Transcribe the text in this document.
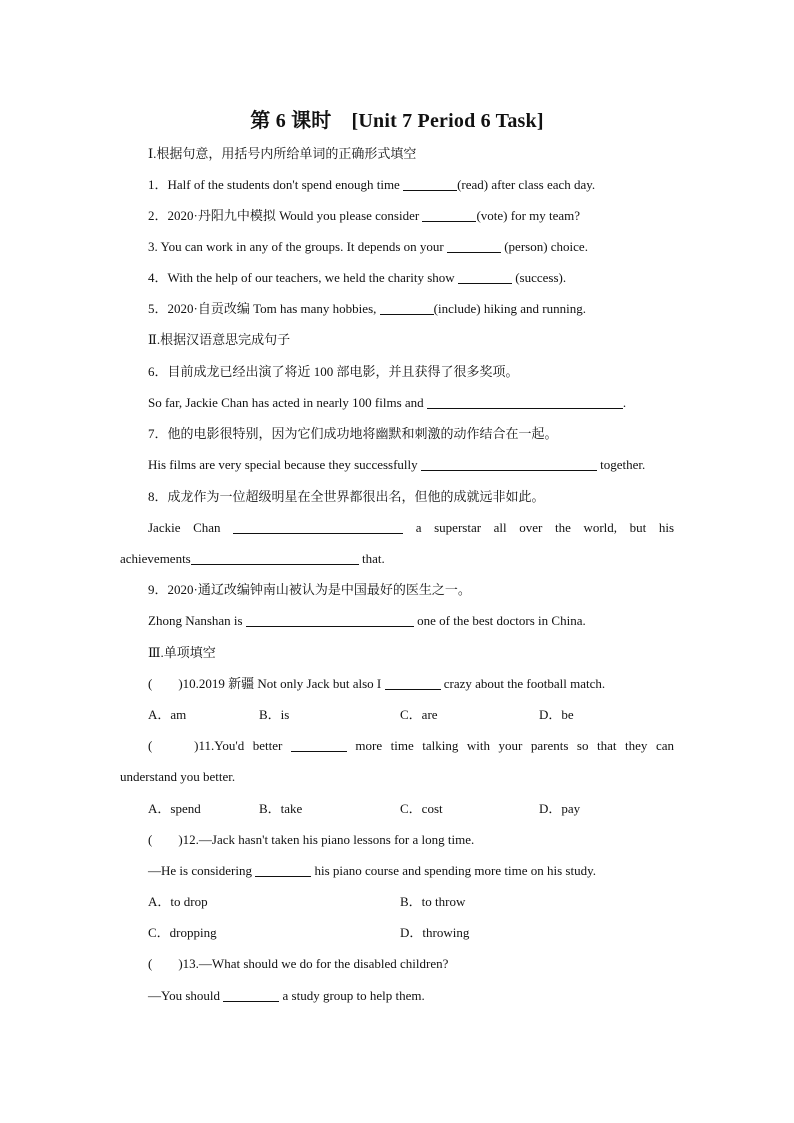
第 6 课时 [Unit 7 Period 6 Task]
Ⅰ.根据句意，用括号内所给单词的正确形式填空
1．Half of the students don't spend enough time	(read) after class each day.
2．2020·丹阳九中模拟 Would you please consider	(vote) for my team?
3. You can work in any of the groups. It depends on your	(person) choice.
4．With the help of our teachers, we held the charity show	(success).
5．2020·自贡改编 Tom has many hobbies,	(include) hiking and running.
Ⅱ.根据汉语意思完成句子
6．目前成龙已经出演了将近 100 部电影，并且获得了很多奖项。
So far, Jackie Chan has acted in nearly 100 films and	.
7．他的电影很特别，因为它们成功地将幽默和刺激的动作结合在一起。
His films are very special because they successfully	together.
8．成龙作为一位超级明星在全世界都很出名，但他的成就远非如此。
Jackie Chan	a superstar all over the world, but his
achievements	that.
9．2020·通辽改编钟南山被认为是中国最好的医生之一。
Zhong Nanshan is	one of the best doctors in China.
Ⅲ.单项填空
(　　)10.2019 新疆 Not only Jack but also I	crazy about the football match.
A．am	B．is	C．are	D．be
(　　)11.You'd better	more time talking with your parents so that they can
understand you better.
A．spend	B．take	C．cost	D．pay
(　　)12.—Jack hasn't taken his piano lessons for a long time.
—He is considering	his piano course and spending more time on his study.
A．to drop	B．to throw
C．dropping	D．throwing
(　　)13.—What should we do for the disabled children?
—You should	a study group to help them.
